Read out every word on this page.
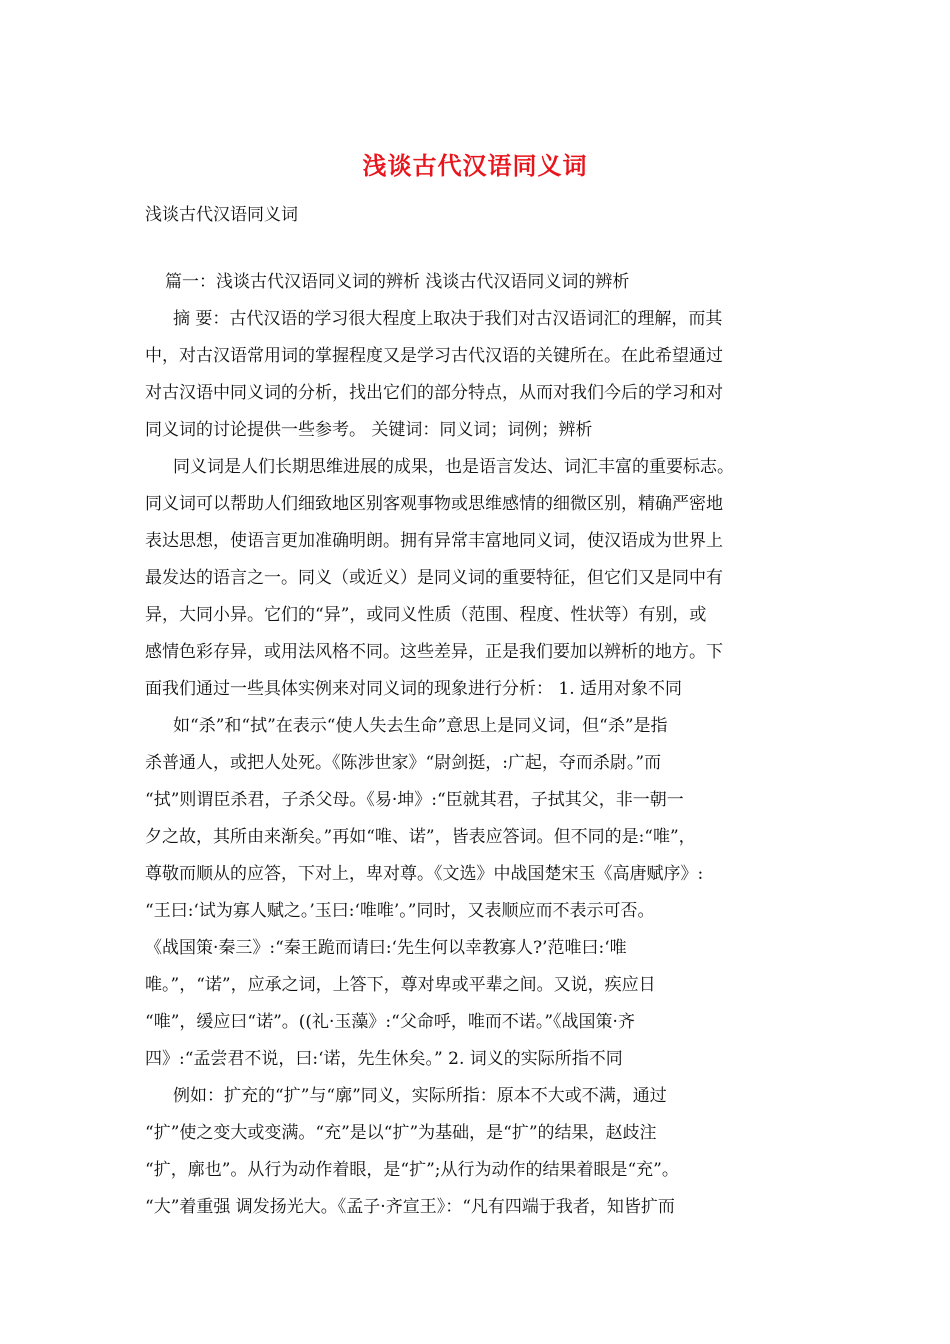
浅谈古代汉语同义词
浅谈古代汉语同义词
篇一：浅谈古代汉语同义词的辨析 浅谈古代汉语同义词的辨析
摘 要：古代汉语的学习很大程度上取决于我们对古汉语词汇的理解，而其
中，对古汉语常用词的掌握程度又是学习古代汉语的关键所在。在此希望通过
对古汉语中同义词的分析，找出它们的部分特点，从而对我们今后的学习和对
同义词的讨论提供一些参考。 关键词：同义词；词例；辨析
同义词是人们长期思维进展的成果，也是语言发达、词汇丰富的重要标志。
同义词可以帮助人们细致地区别客观事物或思维感情的细微区别，精确严密地
表达思想，使语言更加准确明朗。拥有异常丰富地同义词，使汉语成为世界上
最发达的语言之一。同义（或近义）是同义词的重要特征，但它们又是同中有
异，大同小异。它们的“异”，或同义性质（范围、程度、性状等）有别，或
感情色彩存异，或用法风格不同。这些差异，正是我们要加以辨析的地方。下
面我们通过一些具体实例来对同义词的现象进行分析： 1. 适用对象不同
如“杀”和“拭”在表示“使人失去生命”意思上是同义词，但“杀”是指
杀普通人，或把人处死。《陈涉世家》“尉剑挺，:广起，夺而杀尉。”而
“拭”则谓臣杀君，子杀父母。《易·坤》:“臣就其君，子拭其父，非一朝一
夕之故，其所由来渐矣。”再如“唯、诺”，皆表应答词。但不同的是:“唯”，
尊敬而顺从的应答，下对上，卑对尊。《文选》中战国楚宋玉《高唐赋序》:
“王曰:‘试为寡人赋之。’玉曰:‘唯唯’。”同时，又表顺应而不表示可否。
《战国策·秦三》:“秦王跪而请曰:‘先生何以幸教寡人?’范唯曰:‘唯
唯。”，“诺”，应承之词，上答下，尊对卑或平辈之间。又说，疾应日
“唯”，缓应曰“诺”。((礼·玉藻》:“父命呼，唯而不诺。”《战国策·齐
四》:“孟尝君不说，曰:‘诺，先生休矣。” 2. 词义的实际所指不同
例如：扩充的“扩”与“廓”同义，实际所指：原本不大或不满，通过
“扩”使之变大或变满。“充”是以“扩”为基础，是“扩”的结果，赵歧注
“扩，廓也”。从行为动作着眼，是“扩”;从行为动作的结果着眼是“充”。
“大”着重强 调发扬光大。《孟子·齐宣王》：“凡有四端于我者，知皆扩而
